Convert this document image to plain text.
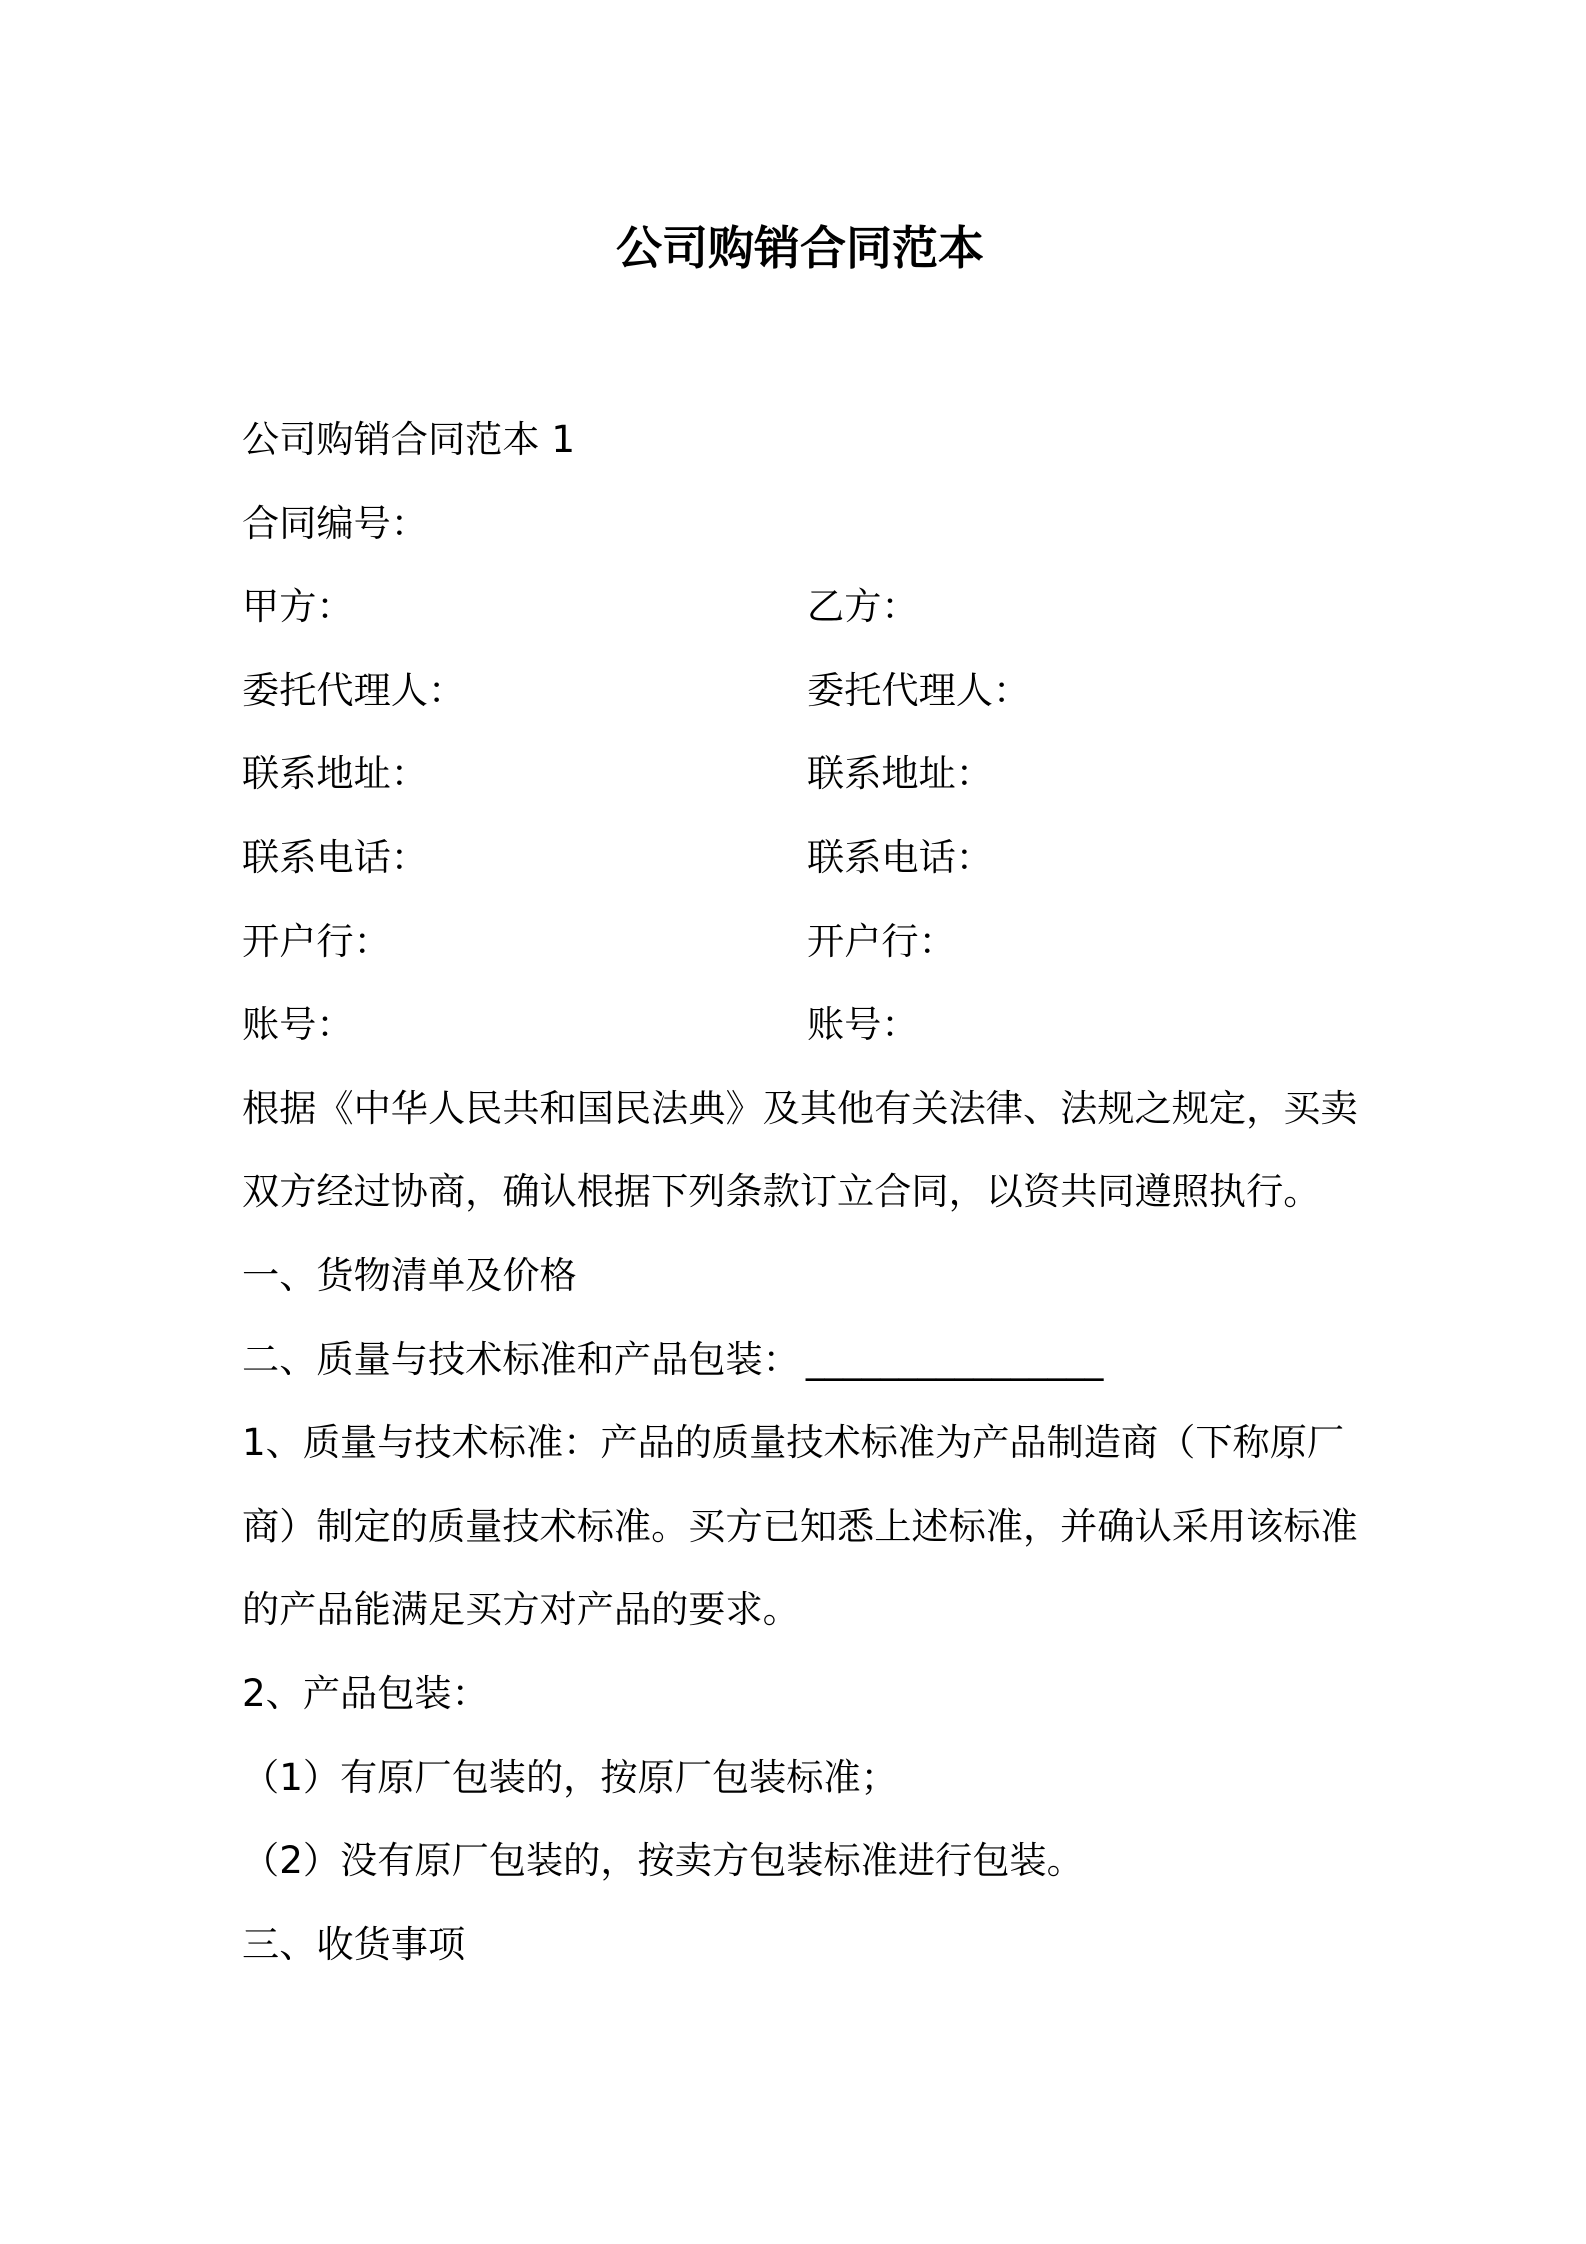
公司购销合同范本
公司购销合同范本 1
合同编号：
甲方：	乙方：
委托代理人：	委托代理人：
联系地址：	联系地址：
联系电话：	联系电话：
开户行：	开户行：
账号：	账号：
根据《中华人民共和国民法典》及其他有关法律、法规之规定，买卖
双方经过协商，确认根据下列条款订立合同，以资共同遵照执行。
一、货物清单及价格
二、质量与技术标准和产品包装： ________________
1、质量与技术标准：产品的质量技术标准为产品制造商（下称原厂
商）制定的质量技术标准。买方已知悉上述标准，并确认采用该标准
的产品能满足买方对产品的要求。
2、产品包装：
（1）有原厂包装的，按原厂包装标准；
（2）没有原厂包装的，按卖方包装标准进行包装。
三、收货事项
